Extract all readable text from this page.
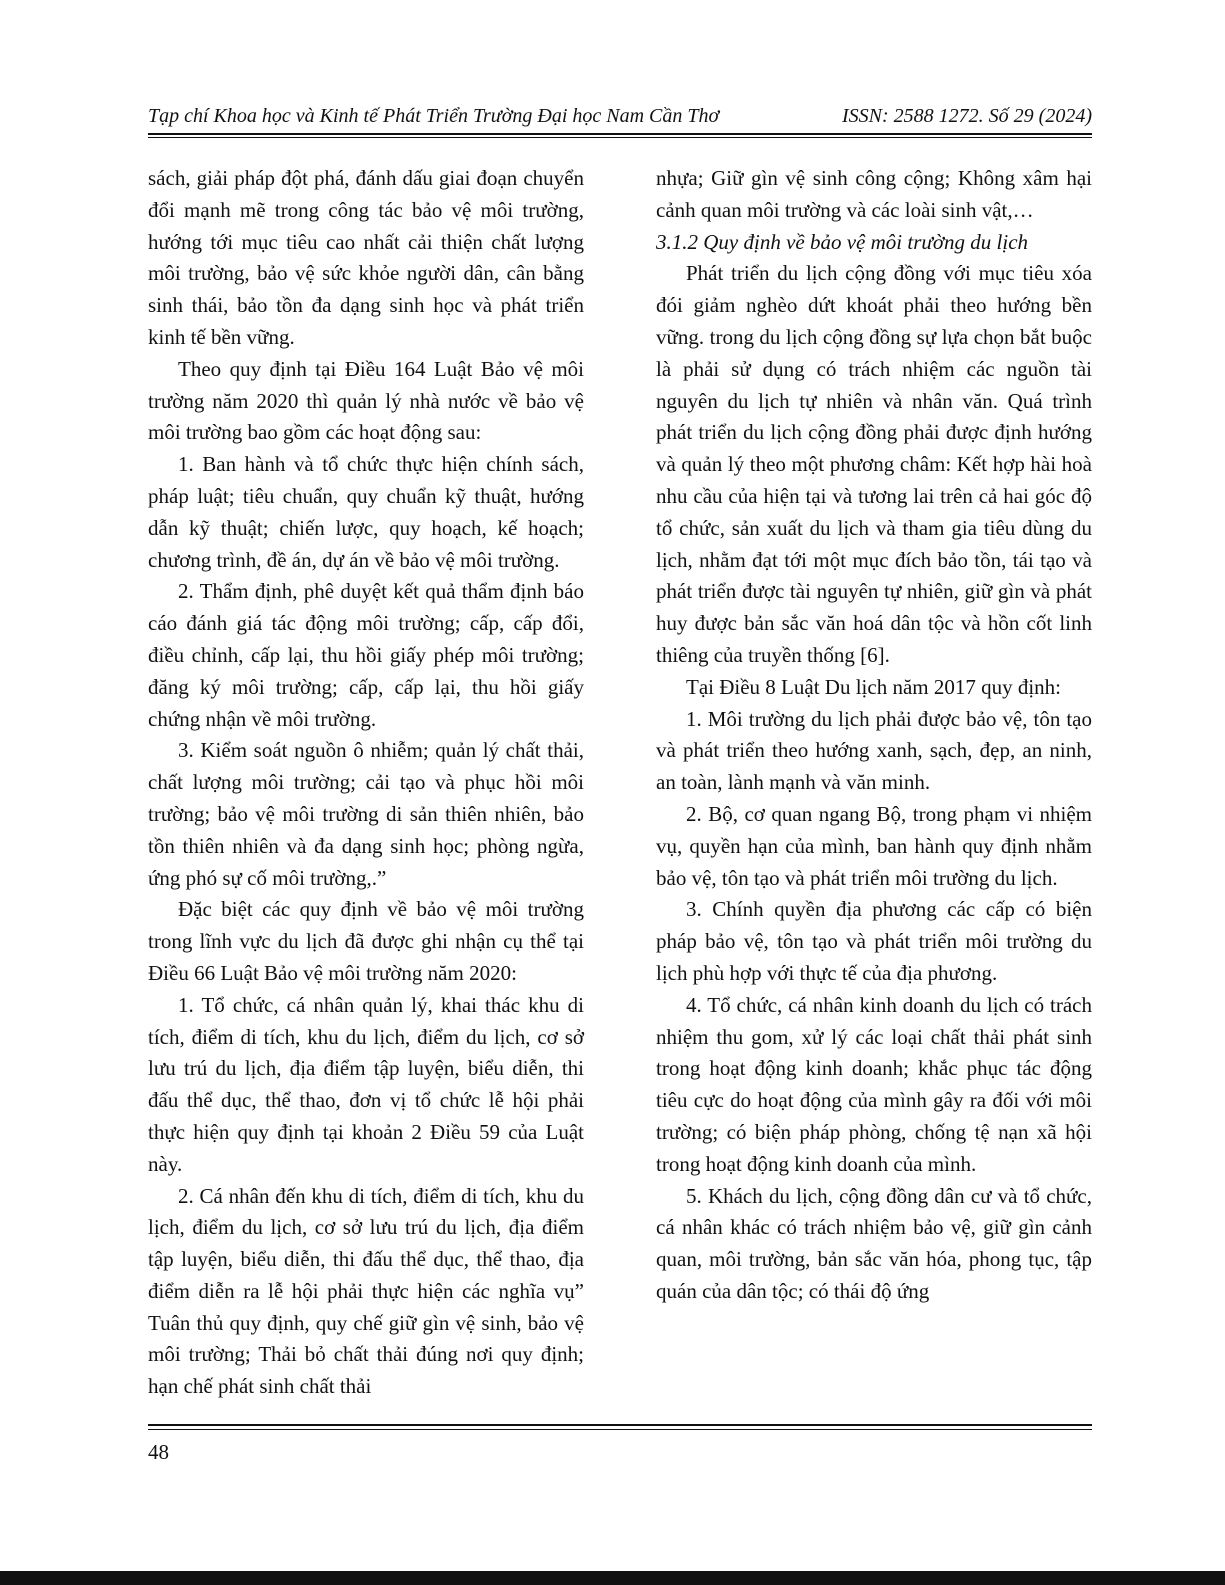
Tạp chí Khoa học và Kinh tế Phát Triển Trường Đại học Nam Cần Thơ	ISSN: 2588 1272. Số 29 (2024)

sách, giải pháp đột phá, đánh dấu giai đoạn chuyển đổi mạnh mẽ trong công tác bảo vệ môi trường, hướng tới mục tiêu cao nhất cải thiện chất lượng môi trường, bảo vệ sức khỏe người dân, cân bằng sinh thái, bảo tồn đa dạng sinh học và phát triển kinh tế bền vững.

Theo quy định tại Điều 164 Luật Bảo vệ môi trường năm 2020 thì quản lý nhà nước về bảo vệ môi trường bao gồm các hoạt động sau:

1. Ban hành và tổ chức thực hiện chính sách, pháp luật; tiêu chuẩn, quy chuẩn kỹ thuật, hướng dẫn kỹ thuật; chiến lược, quy hoạch, kế hoạch; chương trình, đề án, dự án về bảo vệ môi trường.

2. Thẩm định, phê duyệt kết quả thẩm định báo cáo đánh giá tác động môi trường; cấp, cấp đổi, điều chỉnh, cấp lại, thu hồi giấy phép môi trường; đăng ký môi trường; cấp, cấp lại, thu hồi giấy chứng nhận về môi trường.

3. Kiểm soát nguồn ô nhiễm; quản lý chất thải, chất lượng môi trường; cải tạo và phục hồi môi trường; bảo vệ môi trường di sản thiên nhiên, bảo tồn thiên nhiên và đa dạng sinh học; phòng ngừa, ứng phó sự cố môi trường,.”

Đặc biệt các quy định về bảo vệ môi trường trong lĩnh vực du lịch đã được ghi nhận cụ thể tại Điều 66 Luật Bảo vệ môi trường năm 2020:

1. Tổ chức, cá nhân quản lý, khai thác khu di tích, điểm di tích, khu du lịch, điểm du lịch, cơ sở lưu trú du lịch, địa điểm tập luyện, biểu diễn, thi đấu thể dục, thể thao, đơn vị tổ chức lễ hội phải thực hiện quy định tại khoản 2 Điều 59 của Luật này.

2. Cá nhân đến khu di tích, điểm di tích, khu du lịch, điểm du lịch, cơ sở lưu trú du lịch, địa điểm tập luyện, biểu diễn, thi đấu thể dục, thể thao, địa điểm diễn ra lễ hội phải thực hiện các nghĩa vụ” Tuân thủ quy định, quy chế giữ gìn vệ sinh, bảo vệ môi trường; Thải bỏ chất thải đúng nơi quy định; hạn chế phát sinh chất thải

nhựa; Giữ gìn vệ sinh công cộng; Không xâm hại cảnh quan môi trường và các loài sinh vật,…

3.1.2 Quy định về bảo vệ môi trường du lịch

Phát triển du lịch cộng đồng với mục tiêu xóa đói giảm nghèo dứt khoát phải theo hướng bền vững. trong du lịch cộng đồng sự lựa chọn bắt buộc là phải sử dụng có trách nhiệm các nguồn tài nguyên du lịch tự nhiên và nhân văn. Quá trình phát triển du lịch cộng đồng phải được định hướng và quản lý theo một phương châm: Kết hợp hài hoà nhu cầu của hiện tại và tương lai trên cả hai góc độ tổ chức, sản xuất du lịch và tham gia tiêu dùng du lịch, nhằm đạt tới một mục đích bảo tồn, tái tạo và phát triển được tài nguyên tự nhiên, giữ gìn và phát huy được bản sắc văn hoá dân tộc và hồn cốt linh thiêng của truyền thống [6].

Tại Điều 8 Luật Du lịch năm 2017 quy định:

1. Môi trường du lịch phải được bảo vệ, tôn tạo và phát triển theo hướng xanh, sạch, đẹp, an ninh, an toàn, lành mạnh và văn minh.

2. Bộ, cơ quan ngang Bộ, trong phạm vi nhiệm vụ, quyền hạn của mình, ban hành quy định nhằm bảo vệ, tôn tạo và phát triển môi trường du lịch.

3. Chính quyền địa phương các cấp có biện pháp bảo vệ, tôn tạo và phát triển môi trường du lịch phù hợp với thực tế của địa phương.

4. Tổ chức, cá nhân kinh doanh du lịch có trách nhiệm thu gom, xử lý các loại chất thải phát sinh trong hoạt động kinh doanh; khắc phục tác động tiêu cực do hoạt động của mình gây ra đối với môi trường; có biện pháp phòng, chống tệ nạn xã hội trong hoạt động kinh doanh của mình.

5. Khách du lịch, cộng đồng dân cư và tổ chức, cá nhân khác có trách nhiệm bảo vệ, giữ gìn cảnh quan, môi trường, bản sắc văn hóa, phong tục, tập quán của dân tộc; có thái độ ứng

48
